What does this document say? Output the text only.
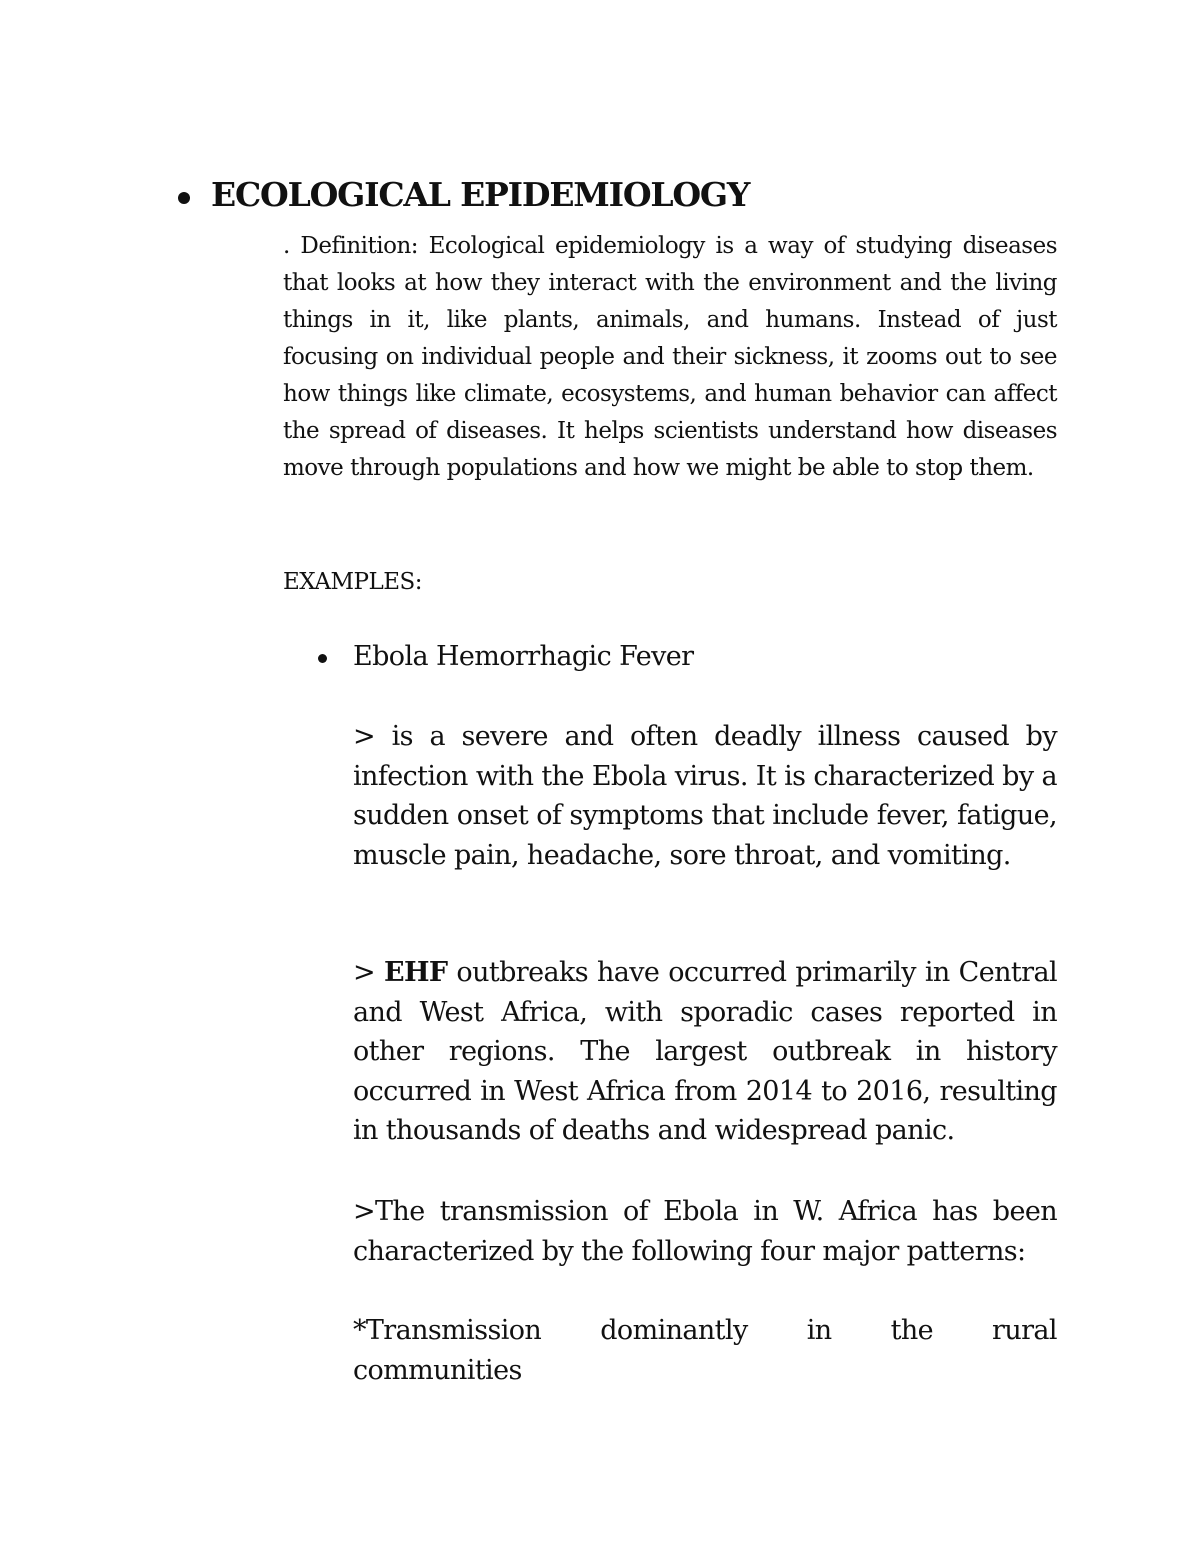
ECOLOGICAL EPIDEMIOLOGY

. Definition: Ecological epidemiology is a way of studying diseases that looks at how they interact with the environment and the living things in it, like plants, animals, and humans. Instead of just focusing on individual people and their sickness, it zooms out to see how things like climate, ecosystems, and human behavior can affect the spread of diseases. It helps scientists understand how diseases move through populations and how we might be able to stop them.

EXAMPLES:
Ebola Hemorrhagic Fever

> is a severe and often deadly illness caused by infection with the Ebola virus. It is characterized by a sudden onset of symptoms that include fever, fatigue, muscle pain, headache, sore throat, and vomiting.

> EHF outbreaks have occurred primarily in Central and West Africa, with sporadic cases reported in other regions. The largest outbreak in history occurred in West Africa from 2014 to 2016, resulting in thousands of deaths and widespread panic.

>The transmission of Ebola in W. Africa has been characterized by the following four major patterns:

*Transmission dominantly in the rural
communities
